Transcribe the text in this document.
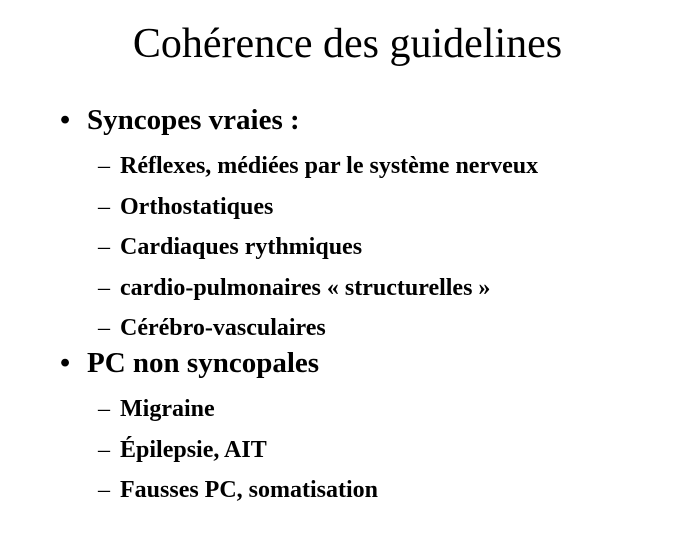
Cohérence des guidelines
• Syncopes vraies :
– Réflexes, médiées par le système nerveux
– Orthostatiques
– Cardiaques rythmiques
– cardio-pulmonaires « structurelles »
– Cérébro-vasculaires
• PC non syncopales
– Migraine
– Épilepsie, AIT
– Fausses PC, somatisation
